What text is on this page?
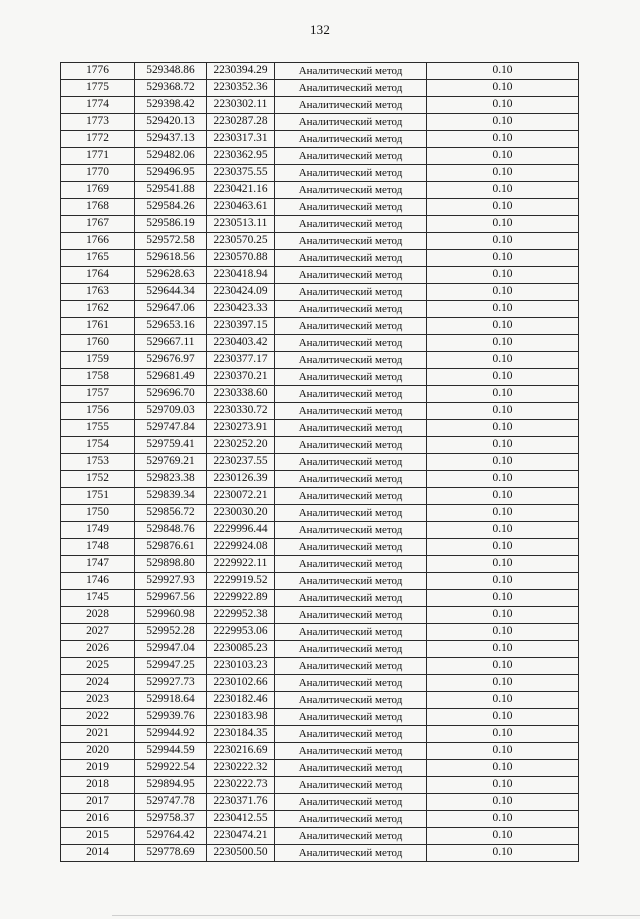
132
1776	529348.86	2230394.29	Аналитический метод	0.10
1775	529368.72	2230352.36	Аналитический метод	0.10
1774	529398.42	2230302.11	Аналитический метод	0.10
1773	529420.13	2230287.28	Аналитический метод	0.10
1772	529437.13	2230317.31	Аналитический метод	0.10
1771	529482.06	2230362.95	Аналитический метод	0.10
1770	529496.95	2230375.55	Аналитический метод	0.10
1769	529541.88	2230421.16	Аналитический метод	0.10
1768	529584.26	2230463.61	Аналитический метод	0.10
1767	529586.19	2230513.11	Аналитический метод	0.10
1766	529572.58	2230570.25	Аналитический метод	0.10
1765	529618.56	2230570.88	Аналитический метод	0.10
1764	529628.63	2230418.94	Аналитический метод	0.10
1763	529644.34	2230424.09	Аналитический метод	0.10
1762	529647.06	2230423.33	Аналитический метод	0.10
1761	529653.16	2230397.15	Аналитический метод	0.10
1760	529667.11	2230403.42	Аналитический метод	0.10
1759	529676.97	2230377.17	Аналитический метод	0.10
1758	529681.49	2230370.21	Аналитический метод	0.10
1757	529696.70	2230338.60	Аналитический метод	0.10
1756	529709.03	2230330.72	Аналитический метод	0.10
1755	529747.84	2230273.91	Аналитический метод	0.10
1754	529759.41	2230252.20	Аналитический метод	0.10
1753	529769.21	2230237.55	Аналитический метод	0.10
1752	529823.38	2230126.39	Аналитический метод	0.10
1751	529839.34	2230072.21	Аналитический метод	0.10
1750	529856.72	2230030.20	Аналитический метод	0.10
1749	529848.76	2229996.44	Аналитический метод	0.10
1748	529876.61	2229924.08	Аналитический метод	0.10
1747	529898.80	2229922.11	Аналитический метод	0.10
1746	529927.93	2229919.52	Аналитический метод	0.10
1745	529967.56	2229922.89	Аналитический метод	0.10
2028	529960.98	2229952.38	Аналитический метод	0.10
2027	529952.28	2229953.06	Аналитический метод	0.10
2026	529947.04	2230085.23	Аналитический метод	0.10
2025	529947.25	2230103.23	Аналитический метод	0.10
2024	529927.73	2230102.66	Аналитический метод	0.10
2023	529918.64	2230182.46	Аналитический метод	0.10
2022	529939.76	2230183.98	Аналитический метод	0.10
2021	529944.92	2230184.35	Аналитический метод	0.10
2020	529944.59	2230216.69	Аналитический метод	0.10
2019	529922.54	2230222.32	Аналитический метод	0.10
2018	529894.95	2230222.73	Аналитический метод	0.10
2017	529747.78	2230371.76	Аналитический метод	0.10
2016	529758.37	2230412.55	Аналитический метод	0.10
2015	529764.42	2230474.21	Аналитический метод	0.10
2014	529778.69	2230500.50	Аналитический метод	0.10
